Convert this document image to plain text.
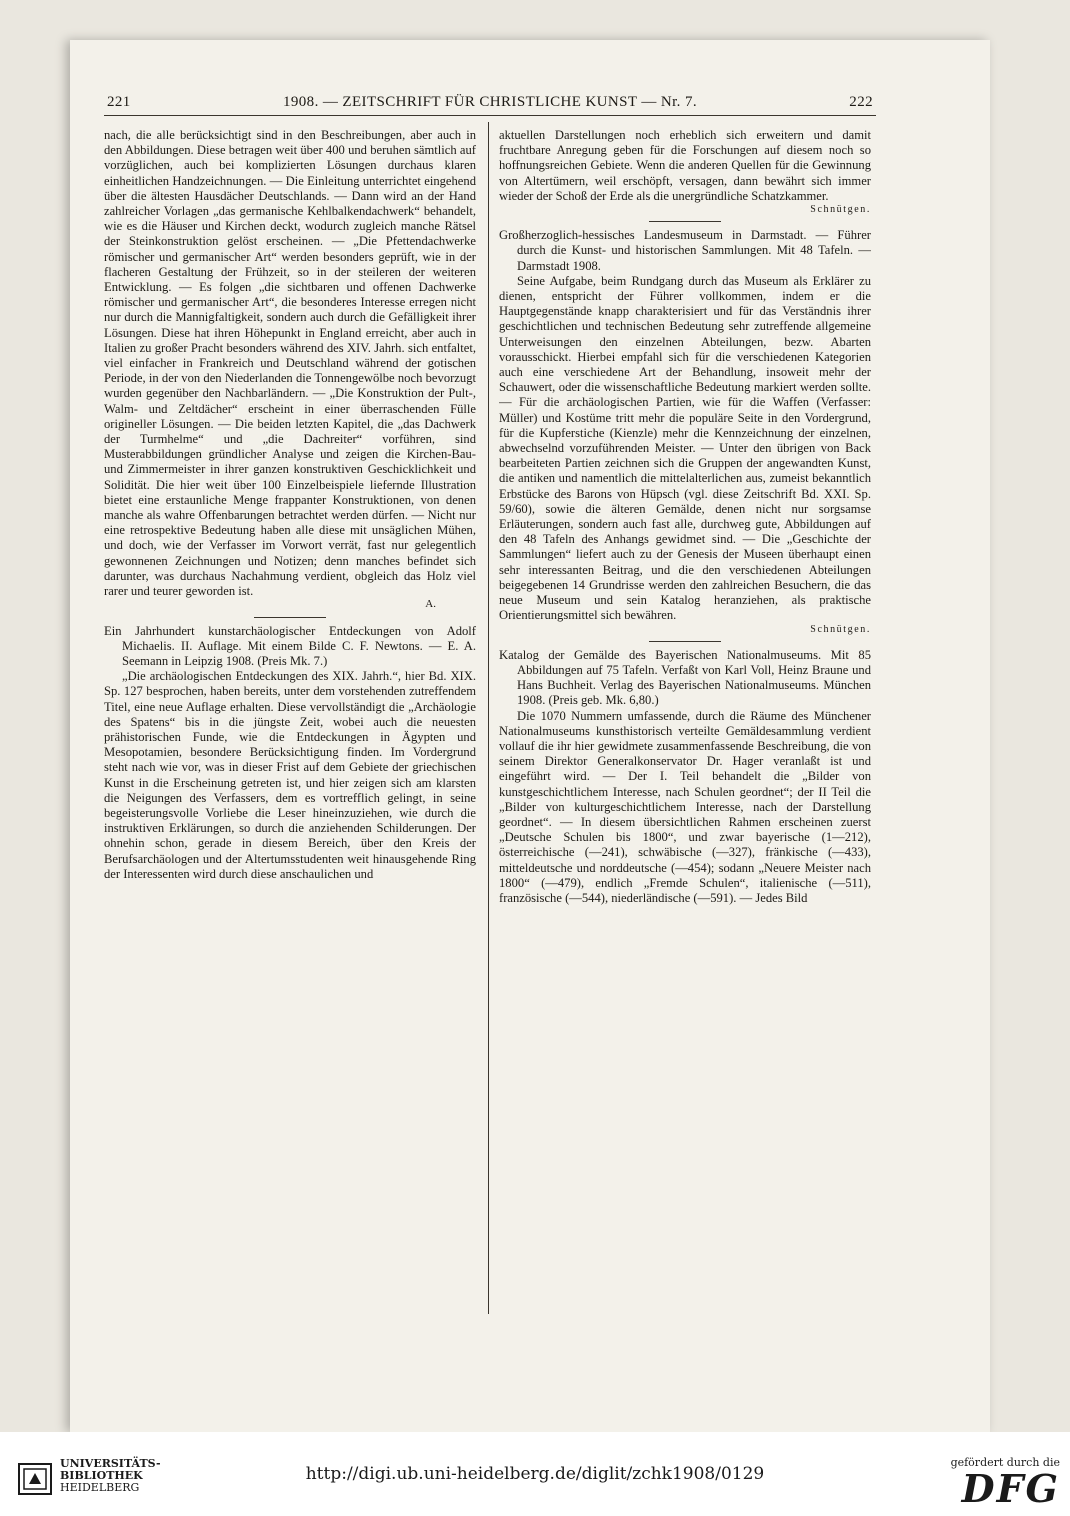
221	1908. — ZEITSCHRIFT FÜR CHRISTLICHE KUNST — Nr. 7.	222

nach, die alle berücksichtigt sind in den Beschreibungen, aber auch in den Abbildungen. Diese betragen weit über 400 und beruhen sämtlich auf vorzüglichen, auch bei komplizierten Lösungen durchaus klaren einheitlichen Handzeichnungen. — Die Einleitung unterrichtet eingehend über die ältesten Hausdächer Deutschlands. — Dann wird an der Hand zahlreicher Vorlagen „das germanische Kehlbalkendachwerk“ behandelt, wie es die Häuser und Kirchen deckt, wodurch zugleich manche Rätsel der Steinkonstruktion gelöst erscheinen. — „Die Pfettendachwerke römischer und germanischer Art“ werden besonders geprüft, wie in der flacheren Gestaltung der Frühzeit, so in der steileren der weiteren Entwicklung. — Es folgen „die sichtbaren und offenen Dachwerke römischer und germanischer Art“, die besonderes Interesse erregen nicht nur durch die Mannigfaltigkeit, sondern auch durch die Gefälligkeit ihrer Lösungen. Diese hat ihren Höhepunkt in England erreicht, aber auch in Italien zu großer Pracht besonders während des XIV. Jahrh. sich entfaltet, viel einfacher in Frankreich und Deutschland während der gotischen Periode, in der von den Niederlanden die Tonnengewölbe noch bevorzugt wurden gegenüber den Nachbarländern. — „Die Konstruktion der Pult-, Walm- und Zeltdächer“ erscheint in einer überraschenden Fülle origineller Lösungen. — Die beiden letzten Kapitel, die „das Dachwerk der Turmhelme“ und „die Dachreiter“ vorführen, sind Musterabbildungen gründlicher Analyse und zeigen die Kirchen-Bau- und Zimmermeister in ihrer ganzen konstruktiven Geschicklichkeit und Solidität. Die hier weit über 100 Einzelbeispiele liefernde Illustration bietet eine erstaunliche Menge frappanter Konstruktionen, von denen manche als wahre Offenbarungen betrachtet werden dürfen. — Nicht nur eine retrospektive Bedeutung haben alle diese mit unsäglichen Mühen, und doch, wie der Verfasser im Vorwort verrät, fast nur gelegentlich gewonnenen Zeichnungen und Notizen; denn manches befindet sich darunter, was durchaus Nachahmung verdient, obgleich das Holz viel rarer und teurer geworden ist.

A.

Ein Jahrhundert kunstarchäologischer Entdeckungen von Adolf Michaelis. II. Auflage. Mit einem Bilde C. F. Newtons. — E. A. Seemann in Leipzig 1908. (Preis Mk. 7.)

„Die archäologischen Entdeckungen des XIX. Jahrh.“, hier Bd. XIX. Sp. 127 besprochen, haben bereits, unter dem vorstehenden zutreffendem Titel, eine neue Auflage erhalten. Diese vervollständigt die „Archäologie des Spatens“ bis in die jüngste Zeit, wobei auch die neuesten prähistorischen Funde, wie die Entdeckungen in Ägypten und Mesopotamien, besondere Berücksichtigung finden. Im Vordergrund steht nach wie vor, was in dieser Frist auf dem Gebiete der griechischen Kunst in die Erscheinung getreten ist, und hier zeigen sich am klarsten die Neigungen des Verfassers, dem es vortrefflich gelingt, in seine begeisterungsvolle Vorliebe die Leser hineinzuziehen, wie durch die instruktiven Erklärungen, so durch die anziehenden Schilderungen. Der ohnehin schon, gerade in diesem Bereich, über den Kreis der Berufsarchäologen und der Altertumsstudenten weit hinausgehende Ring der Interessenten wird durch diese anschaulichen und

aktuellen Darstellungen noch erheblich sich erweitern und damit fruchtbare Anregung geben für die Forschungen auf diesem noch so hoffnungsreichen Gebiete. Wenn die anderen Quellen für die Gewinnung von Altertümern, weil erschöpft, versagen, dann bewährt sich immer wieder der Schoß der Erde als die unergründliche Schatzkammer.

Schnütgen.

Großherzoglich-hessisches Landesmuseum in Darmstadt. — Führer durch die Kunst- und historischen Sammlungen. Mit 48 Tafeln. — Darmstadt 1908.

Seine Aufgabe, beim Rundgang durch das Museum als Erklärer zu dienen, entspricht der Führer vollkommen, indem er die Hauptgegenstände knapp charakterisiert und für das Verständnis ihrer geschichtlichen und technischen Bedeutung sehr zutreffende allgemeine Unterweisungen den einzelnen Abteilungen, bezw. Abarten vorausschickt. Hierbei empfahl sich für die verschiedenen Kategorien auch eine verschiedene Art der Behandlung, insoweit mehr der Schauwert, oder die wissenschaftliche Bedeutung markiert werden sollte. — Für die archäologischen Partien, wie für die Waffen (Verfasser: Müller) und Kostüme tritt mehr die populäre Seite in den Vordergrund, für die Kupferstiche (Kienzle) mehr die Kennzeichnung der einzelnen, abwechselnd vorzuführenden Meister. — Unter den übrigen von Back bearbeiteten Partien zeichnen sich die Gruppen der angewandten Kunst, die antiken und namentlich die mittelalterlichen aus, zumeist bekanntlich Erbstücke des Barons von Hüpsch (vgl. diese Zeitschrift Bd. XXI. Sp. 59/60), sowie die älteren Gemälde, denen nicht nur sorgsamse Erläuterungen, sondern auch fast alle, durchweg gute, Abbildungen auf den 48 Tafeln des Anhangs gewidmet sind. — Die „Geschichte der Sammlungen“ liefert auch zu der Genesis der Museen überhaupt einen sehr interessanten Beitrag, und die den verschiedenen Abteilungen beigegebenen 14 Grundrisse werden den zahlreichen Besuchern, die das neue Museum und sein Katalog heranziehen, als praktische Orientierungsmittel sich bewähren.

Schnütgen.

Katalog der Gemälde des Bayerischen Nationalmuseums. Mit 85 Abbildungen auf 75 Tafeln. Verfaßt von Karl Voll, Heinz Braune und Hans Buchheit. Verlag des Bayerischen Nationalmuseums. München 1908. (Preis geb. Mk. 6,80.)

Die 1070 Nummern umfassende, durch die Räume des Münchener Nationalmuseums kunsthistorisch verteilte Gemäldesammlung verdient vollauf die ihr hier gewidmete zusammenfassende Beschreibung, die von seinem Direktor Generalkonservator Dr. Hager veranlaßt ist und eingeführt wird. — Der I. Teil behandelt die „Bilder von kunstgeschichtlichem Interesse, nach Schulen geordnet“; der II Teil die „Bilder von kulturgeschichtlichem Interesse, nach der Darstellung geordnet“. — In diesem übersichtlichen Rahmen erscheinen zuerst „Deutsche Schulen bis 1800“, und zwar bayerische (1—212), österreichische (—241), schwäbische (—327), fränkische (—433), mitteldeutsche und norddeutsche (—454); sodann „Neuere Meister nach 1800“ (—479), endlich „Fremde Schulen“, italienische (—511), französische (—544), niederländische (—591). — Jedes Bild

UNIVERSITÄTS-
BIBLIOTHEK
HEIDELBERG
http://digi.ub.uni-heidelberg.de/diglit/zchk1908/0129
gefördert durch die
DFG
